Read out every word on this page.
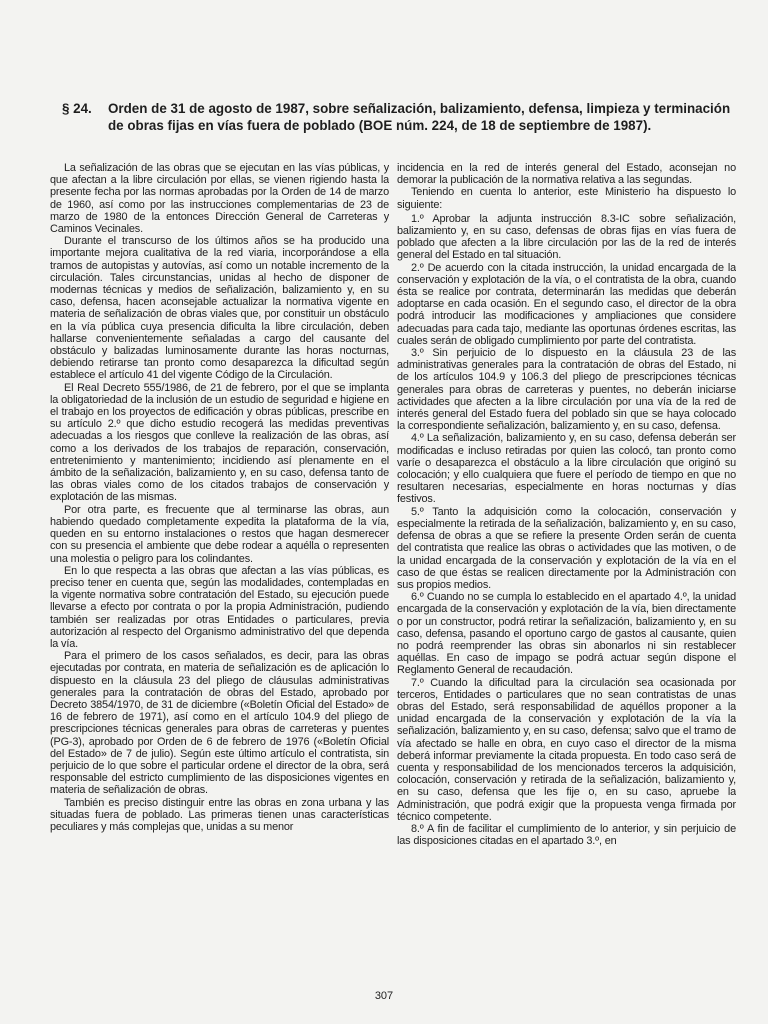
§ 24.	Orden de 31 de agosto de 1987, sobre señalización, balizamiento, defensa, limpieza y terminación de obras fijas en vías fuera de poblado (BOE núm. 224, de 18 de septiembre de 1987).

La señalización de las obras que se ejecutan en las vías públicas, y que afectan a la libre circulación por ellas, se vienen rigiendo hasta la presente fecha por las normas aprobadas por la Orden de 14 de marzo de 1960, así como por las instrucciones complementarias de 23 de marzo de 1980 de la entonces Dirección General de Carreteras y Caminos Vecinales.

Durante el transcurso de los últimos años se ha producido una importante mejora cualitativa de la red viaria, incorporándose a ella tramos de autopistas y autovías, así como un notable incremento de la circulación. Tales circunstancias, unidas al hecho de disponer de modernas técnicas y medios de señalización, balizamiento y, en su caso, defensa, hacen aconsejable actualizar la normativa vigente en materia de señalización de obras viales que, por constituir un obstáculo en la vía pública cuya presencia dificulta la libre circulación, deben hallarse convenientemente señaladas a cargo del causante del obstáculo y balizadas luminosamente durante las horas nocturnas, debiendo retirarse tan pronto como desaparezca la dificultad según establece el artículo 41 del vigente Código de la Circulación.

El Real Decreto 555/1986, de 21 de febrero, por el que se implanta la obligatoriedad de la inclusión de un estudio de seguridad e higiene en el trabajo en los proyectos de edificación y obras públicas, prescribe en su artículo 2.º que dicho estudio recogerá las medidas preventivas adecuadas a los riesgos que conlleve la realización de las obras, así como a los derivados de los trabajos de reparación, conservación, entretenimiento y mantenimiento; incidiendo así plenamente en el ámbito de la señalización, balizamiento y, en su caso, defensa tanto de las obras viales como de los citados trabajos de conservación y explotación de las mismas.

Por otra parte, es frecuente que al terminarse las obras, aun habiendo quedado completamente expedita la plataforma de la vía, queden en su entorno instalaciones o restos que hagan desmerecer con su presencia el ambiente que debe rodear a aquélla o representen una molestia o peligro para los colindantes.

En lo que respecta a las obras que afectan a las vías públicas, es preciso tener en cuenta que, según las modalidades, contempladas en la vigente normativa sobre contratación del Estado, su ejecución puede llevarse a efecto por contrata o por la propia Administración, pudiendo también ser realizadas por otras Entidades o particulares, previa autorización al respecto del Organismo administrativo del que dependa la vía.

Para el primero de los casos señalados, es decir, para las obras ejecutadas por contrata, en materia de señalización es de aplicación lo dispuesto en la cláusula 23 del pliego de cláusulas administrativas generales para la contratación de obras del Estado, aprobado por Decreto 3854/1970, de 31 de diciembre («Boletín Oficial del Estado» de 16 de febrero de 1971), así como en el artículo 104.9 del pliego de prescripciones técnicas generales para obras de carreteras y puentes (PG-3), aprobado por Orden de 6 de febrero de 1976 («Boletín Oficial del Estado» de 7 de julio). Según este último artículo el contratista, sin perjuicio de lo que sobre el particular ordene el director de la obra, será responsable del estricto cumplimiento de las disposiciones vigentes en materia de señalización de obras.

También es preciso distinguir entre las obras en zona urbana y las situadas fuera de poblado. Las primeras tienen unas características peculiares y más complejas que, unidas a su menor

incidencia en la red de interés general del Estado, aconsejan no demorar la publicación de la normativa relativa a las segundas.

Teniendo en cuenta lo anterior, este Ministerio ha dispuesto lo siguiente:

1.º Aprobar la adjunta instrucción 8.3-IC sobre señalización, balizamiento y, en su caso, defensas de obras fijas en vías fuera de poblado que afecten a la libre circulación por las de la red de interés general del Estado en tal situación.

2.º De acuerdo con la citada instrucción, la unidad encargada de la conservación y explotación de la vía, o el contratista de la obra, cuando ésta se realice por contrata, determinarán las medidas que deberán adoptarse en cada ocasión. En el segundo caso, el director de la obra podrá introducir las modificaciones y ampliaciones que considere adecuadas para cada tajo, mediante las oportunas órdenes escritas, las cuales serán de obligado cumplimiento por parte del contratista.

3.º Sin perjuicio de lo dispuesto en la cláusula 23 de las administrativas generales para la contratación de obras del Estado, ni de los artículos 104.9 y 106.3 del pliego de prescripciones técnicas generales para obras de carreteras y puentes, no deberán iniciarse actividades que afecten a la libre circulación por una vía de la red de interés general del Estado fuera del poblado sin que se haya colocado la correspondiente señalización, balizamiento y, en su caso, defensa.

4.º La señalización, balizamiento y, en su caso, defensa deberán ser modificadas e incluso retiradas por quien las colocó, tan pronto como varíe o desaparezca el obstáculo a la libre circulación que originó su colocación; y ello cualquiera que fuere el período de tiempo en que no resultaren necesarias, especialmente en horas nocturnas y días festivos.

5.º Tanto la adquisición como la colocación, conservación y especialmente la retirada de la señalización, balizamiento y, en su caso, defensa de obras a que se refiere la presente Orden serán de cuenta del contratista que realice las obras o actividades que las motiven, o de la unidad encargada de la conservación y explotación de la vía en el caso de que éstas se realicen directamente por la Administración con sus propios medios.

6.º Cuando no se cumpla lo establecido en el apartado 4.º, la unidad encargada de la conservación y explotación de la vía, bien directamente o por un constructor, podrá retirar la señalización, balizamiento y, en su caso, defensa, pasando el oportuno cargo de gastos al causante, quien no podrá reemprender las obras sin abonarlos ni sin restablecer aquéllas. En caso de impago se podrá actuar según dispone el Reglamento General de recaudación.

7.º Cuando la dificultad para la circulación sea ocasionada por terceros, Entidades o particulares que no sean contratistas de unas obras del Estado, será responsabilidad de aquéllos proponer a la unidad encargada de la conservación y explotación de la vía la señalización, balizamiento y, en su caso, defensa; salvo que el tramo de vía afectado se halle en obra, en cuyo caso el director de la misma deberá informar previamente la citada propuesta. En todo caso será de cuenta y responsabilidad de los mencionados terceros la adquisición, colocación, conservación y retirada de la señalización, balizamiento y, en su caso, defensa que les fije o, en su caso, apruebe la Administración, que podrá exigir que la propuesta venga firmada por técnico competente.

8.º A fin de facilitar el cumplimiento de lo anterior, y sin perjuicio de las disposiciones citadas en el apartado 3.º, en

307
